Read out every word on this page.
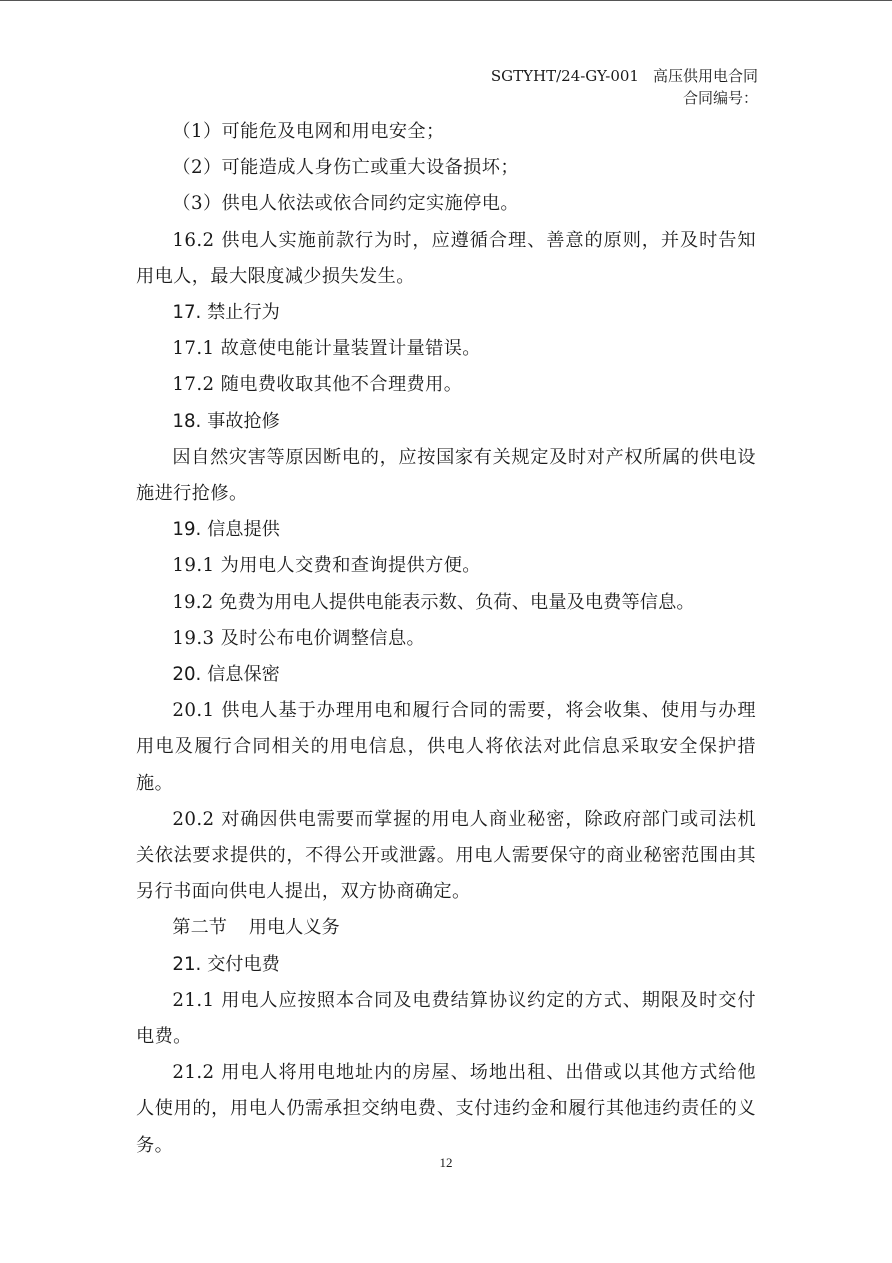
SGTYHT/24-GY-001 高压供用电合同
合同编号：

（1）可能危及电网和用电安全；

（2）可能造成人身伤亡或重大设备损坏；

（3）供电人依法或依合同约定实施停电。

16.2 供电人实施前款行为时，应遵循合理、善意的原则，并及时告知用电人，最大限度减少损失发生。

17. 禁止行为

17.1 故意使电能计量装置计量错误。

17.2 随电费收取其他不合理费用。

18. 事故抢修

因自然灾害等原因断电的，应按国家有关规定及时对产权所属的供电设施进行抢修。

19. 信息提供

19.1 为用电人交费和查询提供方便。

19.2 免费为用电人提供电能表示数、负荷、电量及电费等信息。

19.3 及时公布电价调整信息。

20. 信息保密

20.1 供电人基于办理用电和履行合同的需要，将会收集、使用与办理用电及履行合同相关的用电信息，供电人将依法对此信息采取安全保护措施。

20.2 对确因供电需要而掌握的用电人商业秘密，除政府部门或司法机关依法要求提供的，不得公开或泄露。用电人需要保守的商业秘密范围由其另行书面向供电人提出，双方协商确定。

第二节 用电人义务

21. 交付电费

21.1 用电人应按照本合同及电费结算协议约定的方式、期限及时交付电费。

21.2 用电人将用电地址内的房屋、场地出租、出借或以其他方式给他人使用的，用电人仍需承担交纳电费、支付违约金和履行其他违约责任的义务。

12
